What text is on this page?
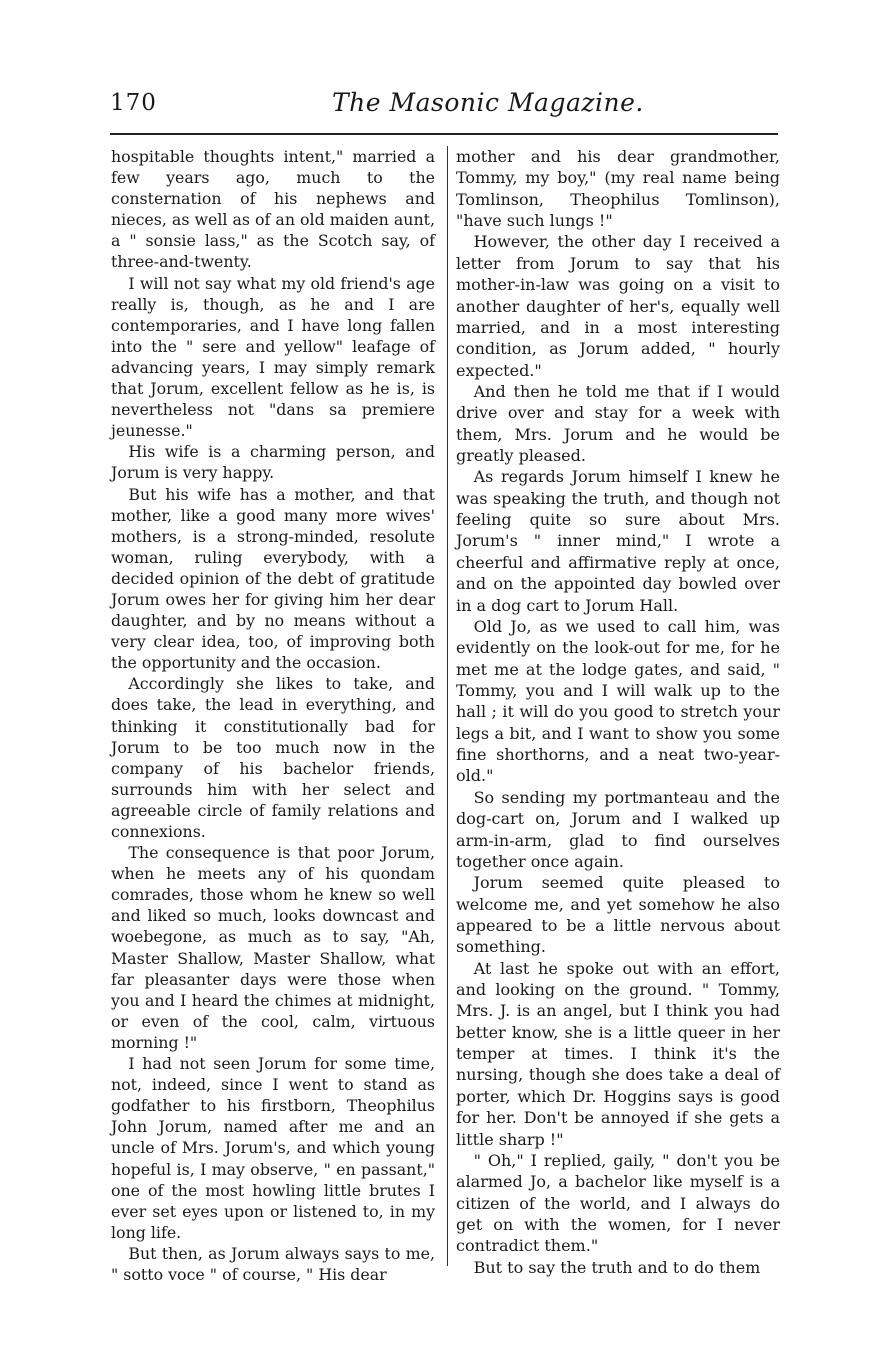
170	The Masonic Magazine.

hospitable thoughts intent," married a few years ago, much to the consternation of his nephews and nieces, as well as of an old maiden aunt, a " sonsie lass," as the Scotch say, of three-and-twenty.

I will not say what my old friend's age really is, though, as he and I are contemporaries, and I have long fallen into the " sere and yellow" leafage of advancing years, I may simply remark that Jorum, excellent fellow as he is, is nevertheless not "dans sa premiere jeunesse."

His wife is a charming person, and Jorum is very happy.

But his wife has a mother, and that mother, like a good many more wives' mothers, is a strong-minded, resolute woman, ruling everybody, with a decided opinion of the debt of gratitude Jorum owes her for giving him her dear daughter, and by no means without a very clear idea, too, of improving both the opportunity and the occasion.

Accordingly she likes to take, and does take, the lead in everything, and thinking it constitutionally bad for Jorum to be too much now in the company of his bachelor friends, surrounds him with her select and agreeable circle of family relations and connexions.

The consequence is that poor Jorum, when he meets any of his quondam comrades, those whom he knew so well and liked so much, looks downcast and woebegone, as much as to say, "Ah, Master Shallow, Master Shallow, what far pleasanter days were those when you and I heard the chimes at midnight, or even of the cool, calm, virtuous morning !"

I had not seen Jorum for some time, not, indeed, since I went to stand as godfather to his firstborn, Theophilus John Jorum, named after me and an uncle of Mrs. Jorum's, and which young hopeful is, I may observe, " en passant," one of the most howling little brutes I ever set eyes upon or listened to, in my long life.

But then, as Jorum always says to me, " sotto voce " of course, " His dear

mother and his dear grandmother, Tommy, my boy," (my real name being Tomlinson, Theophilus Tomlinson), "have such lungs !"

However, the other day I received a letter from Jorum to say that his mother-in-law was going on a visit to another daughter of her's, equally well married, and in a most interesting condition, as Jorum added, " hourly expected."

And then he told me that if I would drive over and stay for a week with them, Mrs. Jorum and he would be greatly pleased.

As regards Jorum himself I knew he was speaking the truth, and though not feeling quite so sure about Mrs. Jorum's " inner mind," I wrote a cheerful and affirmative reply at once, and on the appointed day bowled over in a dog cart to Jorum Hall.

Old Jo, as we used to call him, was evidently on the look-out for me, for he met me at the lodge gates, and said, " Tommy, you and I will walk up to the hall ; it will do you good to stretch your legs a bit, and I want to show you some fine shorthorns, and a neat two-year-old."

So sending my portmanteau and the dog-cart on, Jorum and I walked up arm-in-arm, glad to find ourselves together once again.

Jorum seemed quite pleased to welcome me, and yet somehow he also appeared to be a little nervous about something.

At last he spoke out with an effort, and looking on the ground. " Tommy, Mrs. J. is an angel, but I think you had better know, she is a little queer in her temper at times. I think it's the nursing, though she does take a deal of porter, which Dr. Hoggins says is good for her. Don't be annoyed if she gets a little sharp !"

" Oh," I replied, gaily, " don't you be alarmed Jo, a bachelor like myself is a citizen of the world, and I always do get on with the women, for I never contradict them."

But to say the truth and to do them
